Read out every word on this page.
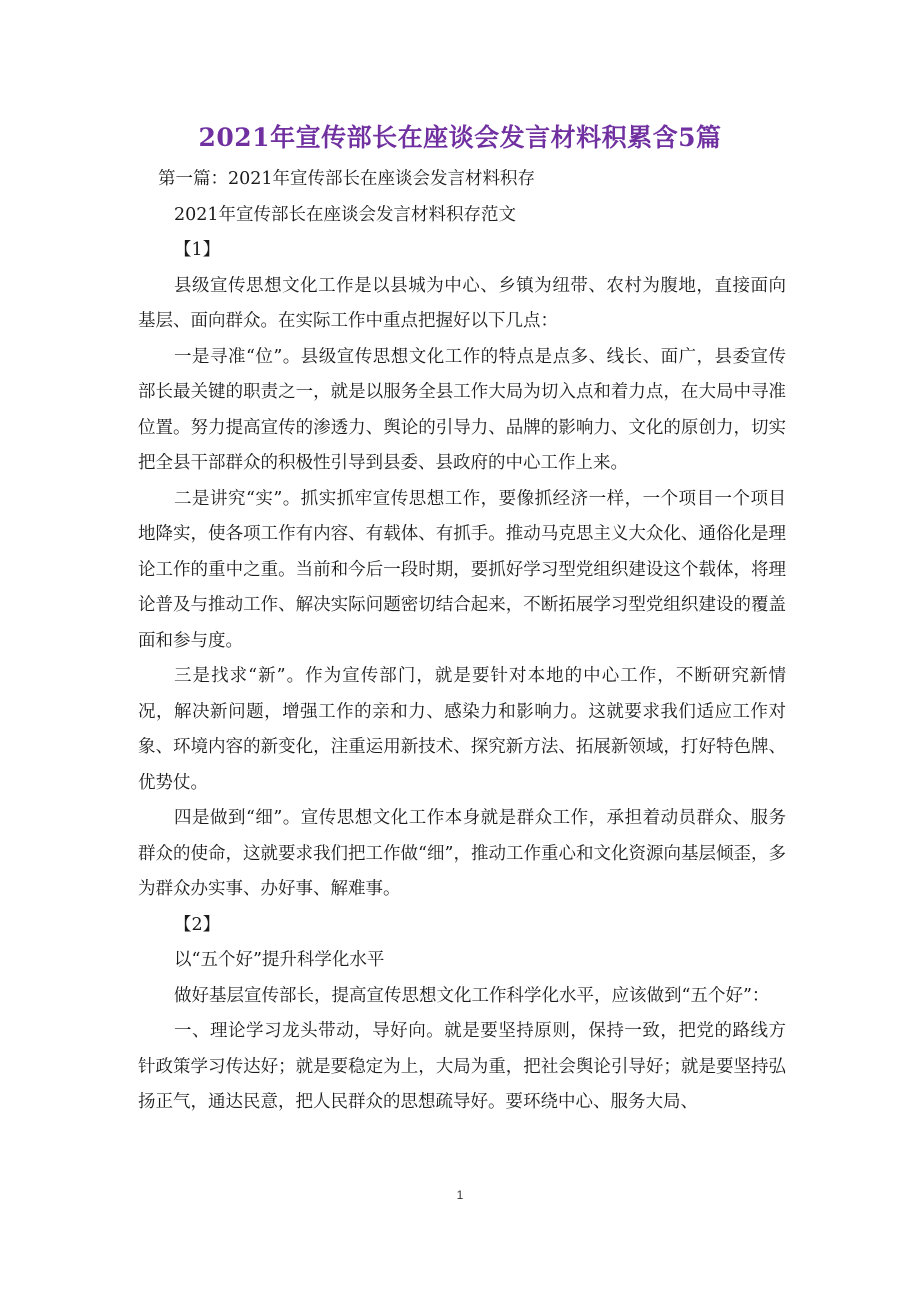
2021年宣传部长在座谈会发言材料积累含5篇

第一篇：2021年宣传部长在座谈会发言材料积存

2021年宣传部长在座谈会发言材料积存范文

【1】

县级宣传思想文化工作是以县城为中心、乡镇为纽带、农村为腹地，直接面向基层、面向群众。在实际工作中重点把握好以下几点：

一是寻准“位”。县级宣传思想文化工作的特点是点多、线长、面广，县委宣传部长最关键的职责之一，就是以服务全县工作大局为切入点和着力点，在大局中寻准位置。努力提高宣传的渗透力、舆论的引导力、品牌的影响力、文化的原创力，切实把全县干部群众的积极性引导到县委、县政府的中心工作上来。

二是讲究“实”。抓实抓牢宣传思想工作，要像抓经济一样，一个项目一个项目地降实，使各项工作有内容、有载体、有抓手。推动马克思主义大众化、通俗化是理论工作的重中之重。当前和今后一段时期，要抓好学习型党组织建设这个载体，将理论普及与推动工作、解决实际问题密切结合起来，不断拓展学习型党组织建设的覆盖面和参与度。

三是找求“新”。作为宣传部门，就是要针对本地的中心工作，不断研究新情况，解决新问题，增强工作的亲和力、感染力和影响力。这就要求我们适应工作对象、环境内容的新变化，注重运用新技术、探究新方法、拓展新领域，打好特色牌、优势仗。

四是做到“细”。宣传思想文化工作本身就是群众工作，承担着动员群众、服务群众的使命，这就要求我们把工作做“细”，推动工作重心和文化资源向基层倾歪，多为群众办实事、办好事、解难事。

【2】

以“五个好”提升科学化水平

做好基层宣传部长，提高宣传思想文化工作科学化水平，应该做到“五个好”：

一、理论学习龙头带动，导好向。就是要坚持原则，保持一致，把党的路线方针政策学习传达好；就是要稳定为上，大局为重，把社会舆论引导好；就是要坚持弘扬正气，通达民意，把人民群众的思想疏导好。要环绕中心、服务大局、

1
